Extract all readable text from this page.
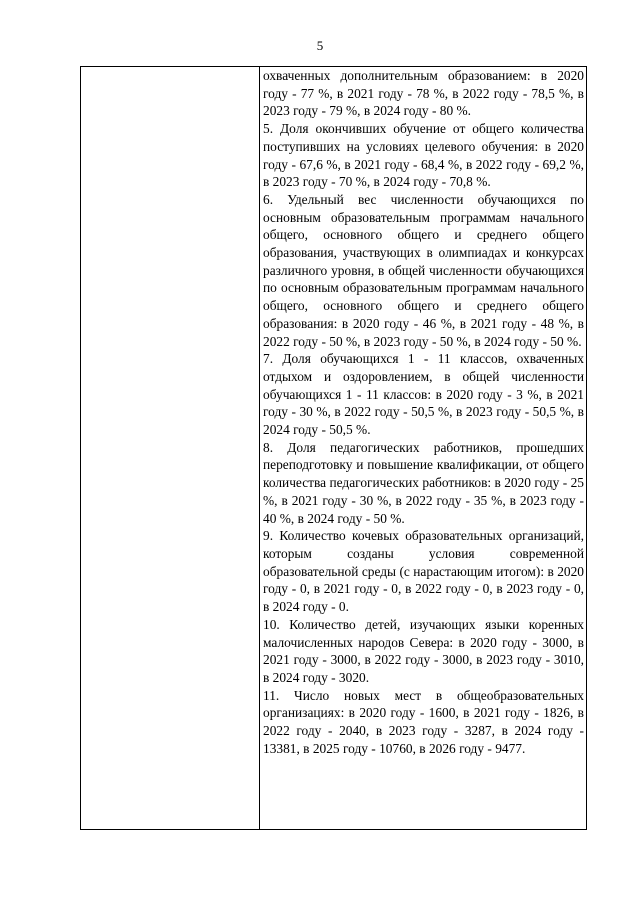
5

охваченных дополнительным образованием: в 2020 году - 77 %, в 2021 году - 78 %, в 2022 году - 78,5 %, в 2023 году - 79 %, в 2024 году - 80 %.

5. Доля окончивших обучение от общего количества поступивших на условиях целевого обучения: в 2020 году - 67,6 %, в 2021 году - 68,4 %, в 2022 году - 69,2 %, в 2023 году - 70 %, в 2024 году - 70,8 %.

6. Удельный вес численности обучающихся по основным образовательным программам начального общего, основного общего и среднего общего образования, участвующих в олимпиадах и конкурсах различного уровня, в общей численности обучающихся по основным образовательным программам начального общего, основного общего и среднего общего образования: в 2020 году - 46 %, в 2021 году - 48 %, в 2022 году - 50 %, в 2023 году - 50 %, в 2024 году - 50 %.

7. Доля обучающихся 1 - 11 классов, охваченных отдыхом и оздоровлением, в общей численности обучающихся 1 - 11 классов: в 2020 году - 3 %, в 2021 году - 30 %, в 2022 году - 50,5 %, в 2023 году - 50,5 %, в 2024 году - 50,5 %.

8. Доля педагогических работников, прошедших переподготовку и повышение квалификации, от общего количества педагогических работников: в 2020 году - 25 %, в 2021 году - 30 %, в 2022 году - 35 %, в 2023 году - 40 %, в 2024 году - 50 %.

9. Количество кочевых образовательных организаций, которым созданы условия современной образовательной среды (с нарастающим итогом): в 2020 году - 0, в 2021 году - 0, в 2022 году - 0, в 2023 году - 0, в 2024 году - 0.

10. Количество детей, изучающих языки коренных малочисленных народов Севера: в 2020 году - 3000, в 2021 году - 3000, в 2022 году - 3000, в 2023 году - 3010, в 2024 году - 3020.

11. Число новых мест в общеобразовательных организациях: в 2020 году - 1600, в 2021 году - 1826, в 2022 году - 2040, в 2023 году - 3287, в 2024 году - 13381, в 2025 году - 10760, в 2026 году - 9477.
